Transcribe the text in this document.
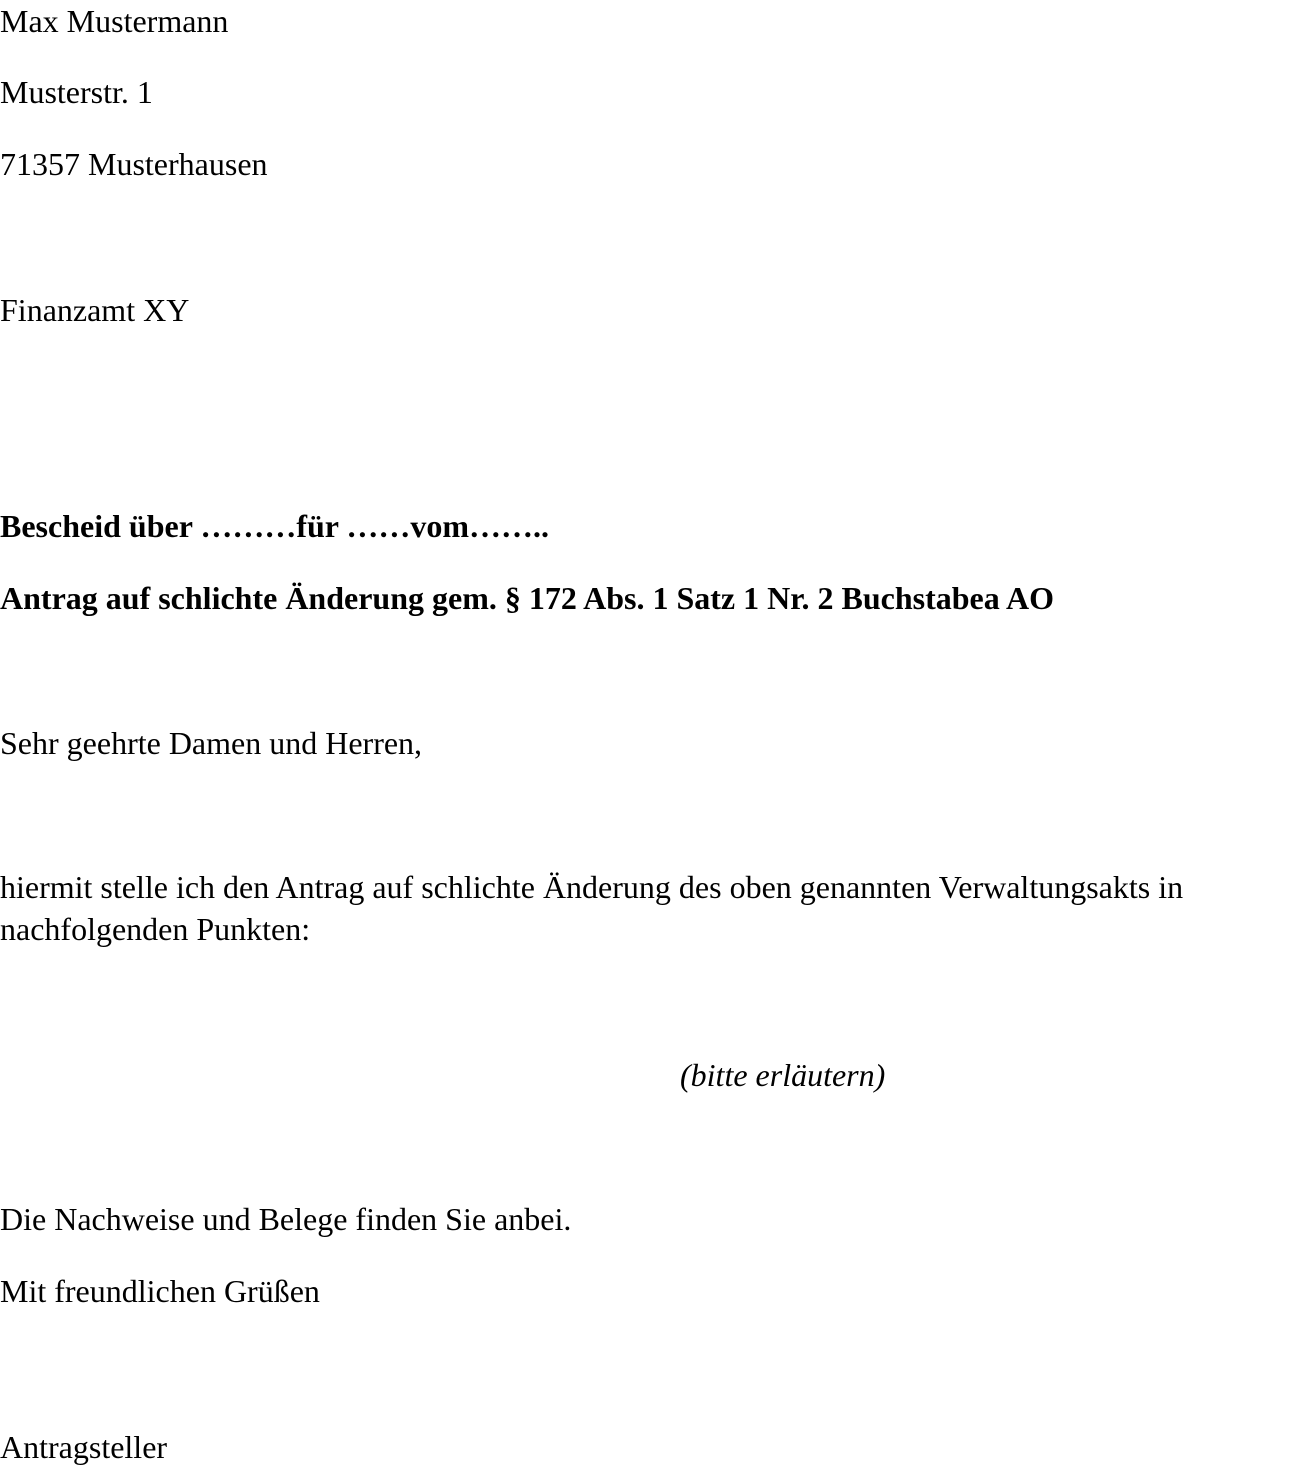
Max Mustermann

Musterstr. 1

71357 Musterhausen

Finanzamt XY

Bescheid über ………für ……vom……..

Antrag auf schlichte Änderung gem. § 172 Abs. 1 Satz 1 Nr. 2 Buchstabea AO

Sehr geehrte Damen und Herren,

hiermit stelle ich den Antrag auf schlichte Änderung des oben genannten Verwaltungsakts in

nachfolgenden Punkten:

(bitte erläutern)

Die Nachweise und Belege finden Sie anbei.

Mit freundlichen Grüßen

Antragsteller
